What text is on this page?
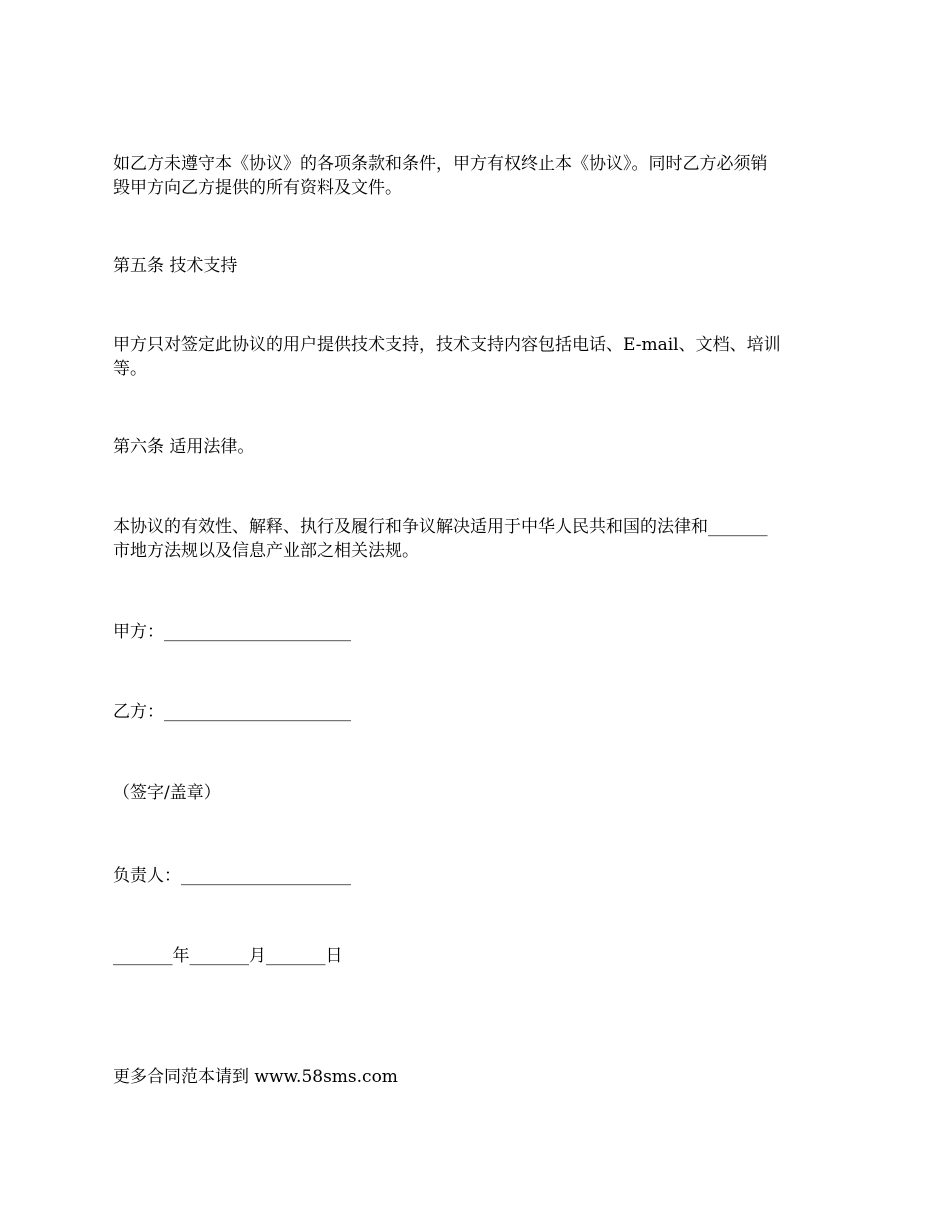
如乙方未遵守本《协议》的各项条款和条件，甲方有权终止本《协议》。同时乙方必须销
毁甲方向乙方提供的所有资料及文件。

第五条 技术支持

甲方只对签定此协议的用户提供技术支持，技术支持内容包括电话、E-mail、文档、培训
等。

第六条 适用法律。

本协议的有效性、解释、执行及履行和争议解决适用于中华人民共和国的法律和_______
市地方法规以及信息产业部之相关法规。

甲方：______________________

乙方：______________________

（签字/盖章）

负责人：____________________

_______年_______月_______日

更多合同范本请到 www.58sms.com
